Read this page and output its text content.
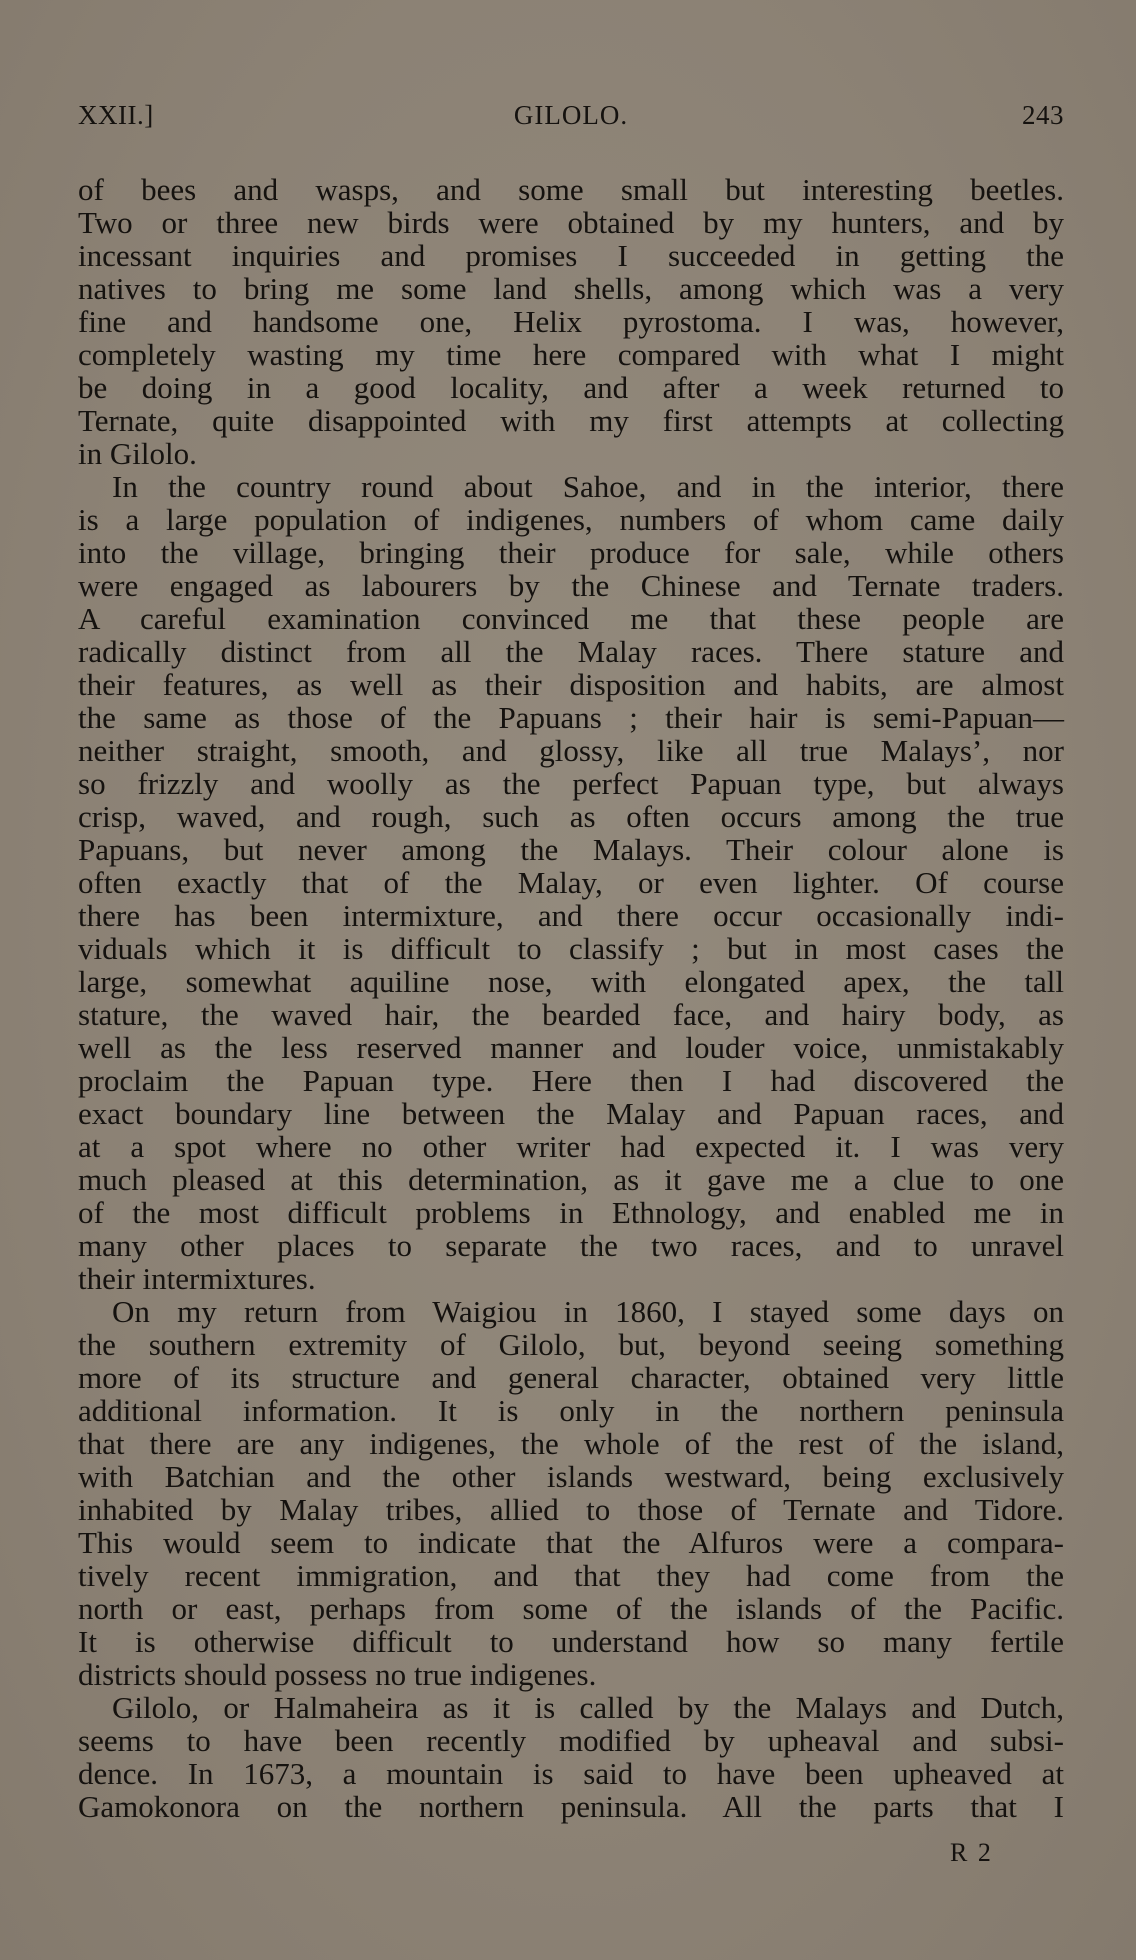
XXII.]	GILOLO.	243
of bees and wasps, and some small but interesting beetles.
Two or three new birds were obtained by my hunters, and by
incessant inquiries and promises I succeeded in getting the
natives to bring me some land shells, among which was a very
fine and handsome one, Helix pyrostoma. I was, however,
completely wasting my time here compared with what I might
be doing in a good locality, and after a week returned to
Ternate, quite disappointed with my first attempts at collecting
in Gilolo.
In the country round about Sahoe, and in the interior, there
is a large population of indigenes, numbers of whom came daily
into the village, bringing their produce for sale, while others
were engaged as labourers by the Chinese and Ternate traders.
A careful examination convinced me that these people are
radically distinct from all the Malay races. There stature and
their features, as well as their disposition and habits, are almost
the same as those of the Papuans ; their hair is semi-Papuan—
neither straight, smooth, and glossy, like all true Malays’, nor
so frizzly and woolly as the perfect Papuan type, but always
crisp, waved, and rough, such as often occurs among the true
Papuans, but never among the Malays. Their colour alone is
often exactly that of the Malay, or even lighter. Of course
there has been intermixture, and there occur occasionally indi-
viduals which it is difficult to classify ; but in most cases the
large, somewhat aquiline nose, with elongated apex, the tall
stature, the waved hair, the bearded face, and hairy body, as
well as the less reserved manner and louder voice, unmistakably
proclaim the Papuan type. Here then I had discovered the
exact boundary line between the Malay and Papuan races, and
at a spot where no other writer had expected it. I was very
much pleased at this determination, as it gave me a clue to one
of the most difficult problems in Ethnology, and enabled me in
many other places to separate the two races, and to unravel
their intermixtures.
On my return from Waigiou in 1860, I stayed some days on
the southern extremity of Gilolo, but, beyond seeing something
more of its structure and general character, obtained very little
additional information. It is only in the northern peninsula
that there are any indigenes, the whole of the rest of the island,
with Batchian and the other islands westward, being exclusively
inhabited by Malay tribes, allied to those of Ternate and Tidore.
This would seem to indicate that the Alfuros were a compara-
tively recent immigration, and that they had come from the
north or east, perhaps from some of the islands of the Pacific.
It is otherwise difficult to understand how so many fertile
districts should possess no true indigenes.
Gilolo, or Halmaheira as it is called by the Malays and Dutch,
seems to have been recently modified by upheaval and subsi-
dence. In 1673, a mountain is said to have been upheaved at
Gamokonora on the northern peninsula. All the parts that I
R 2
